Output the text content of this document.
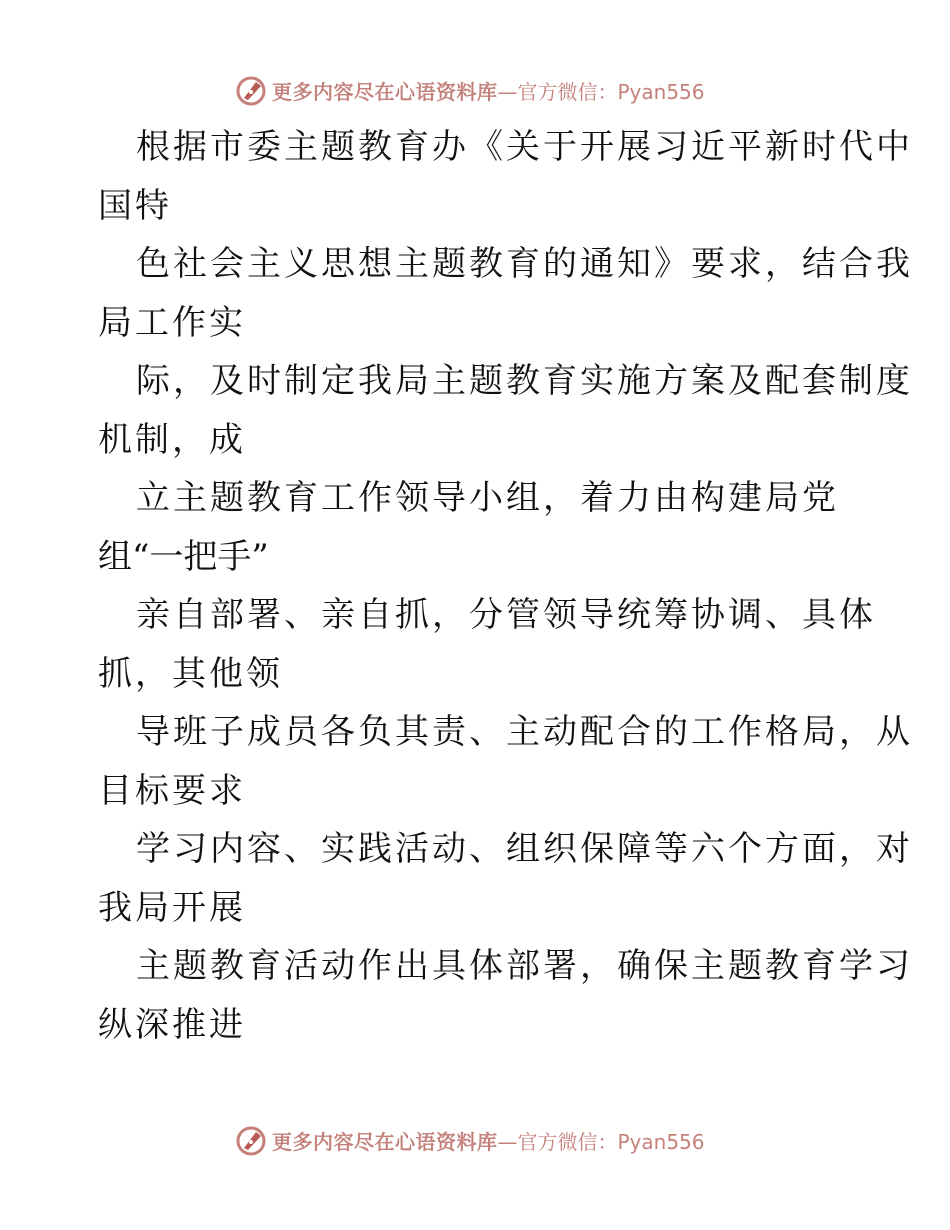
更多内容尽在心语资料库 —官方微信：Pyan556
根据市委主题教育办《关于开展习近平新时代中
国特
色社会主义思想主题教育的通知》要求，结合我
局工作实
际，及时制定我局主题教育实施方案及配套制度
机制，成
立主题教育工作领导小组，着力由构建局党
组“一把手”
亲自部署、亲自抓，分管领导统筹协调、具体
抓，其他领
导班子成员各负其责、主动配合的工作格局，从
目标要求
学习内容、实践活动、组织保障等六个方面，对
我局开展
主题教育活动作出具体部署，确保主题教育学习
纵深推进
更多内容尽在心语资料库 —官方微信：Pyan556
